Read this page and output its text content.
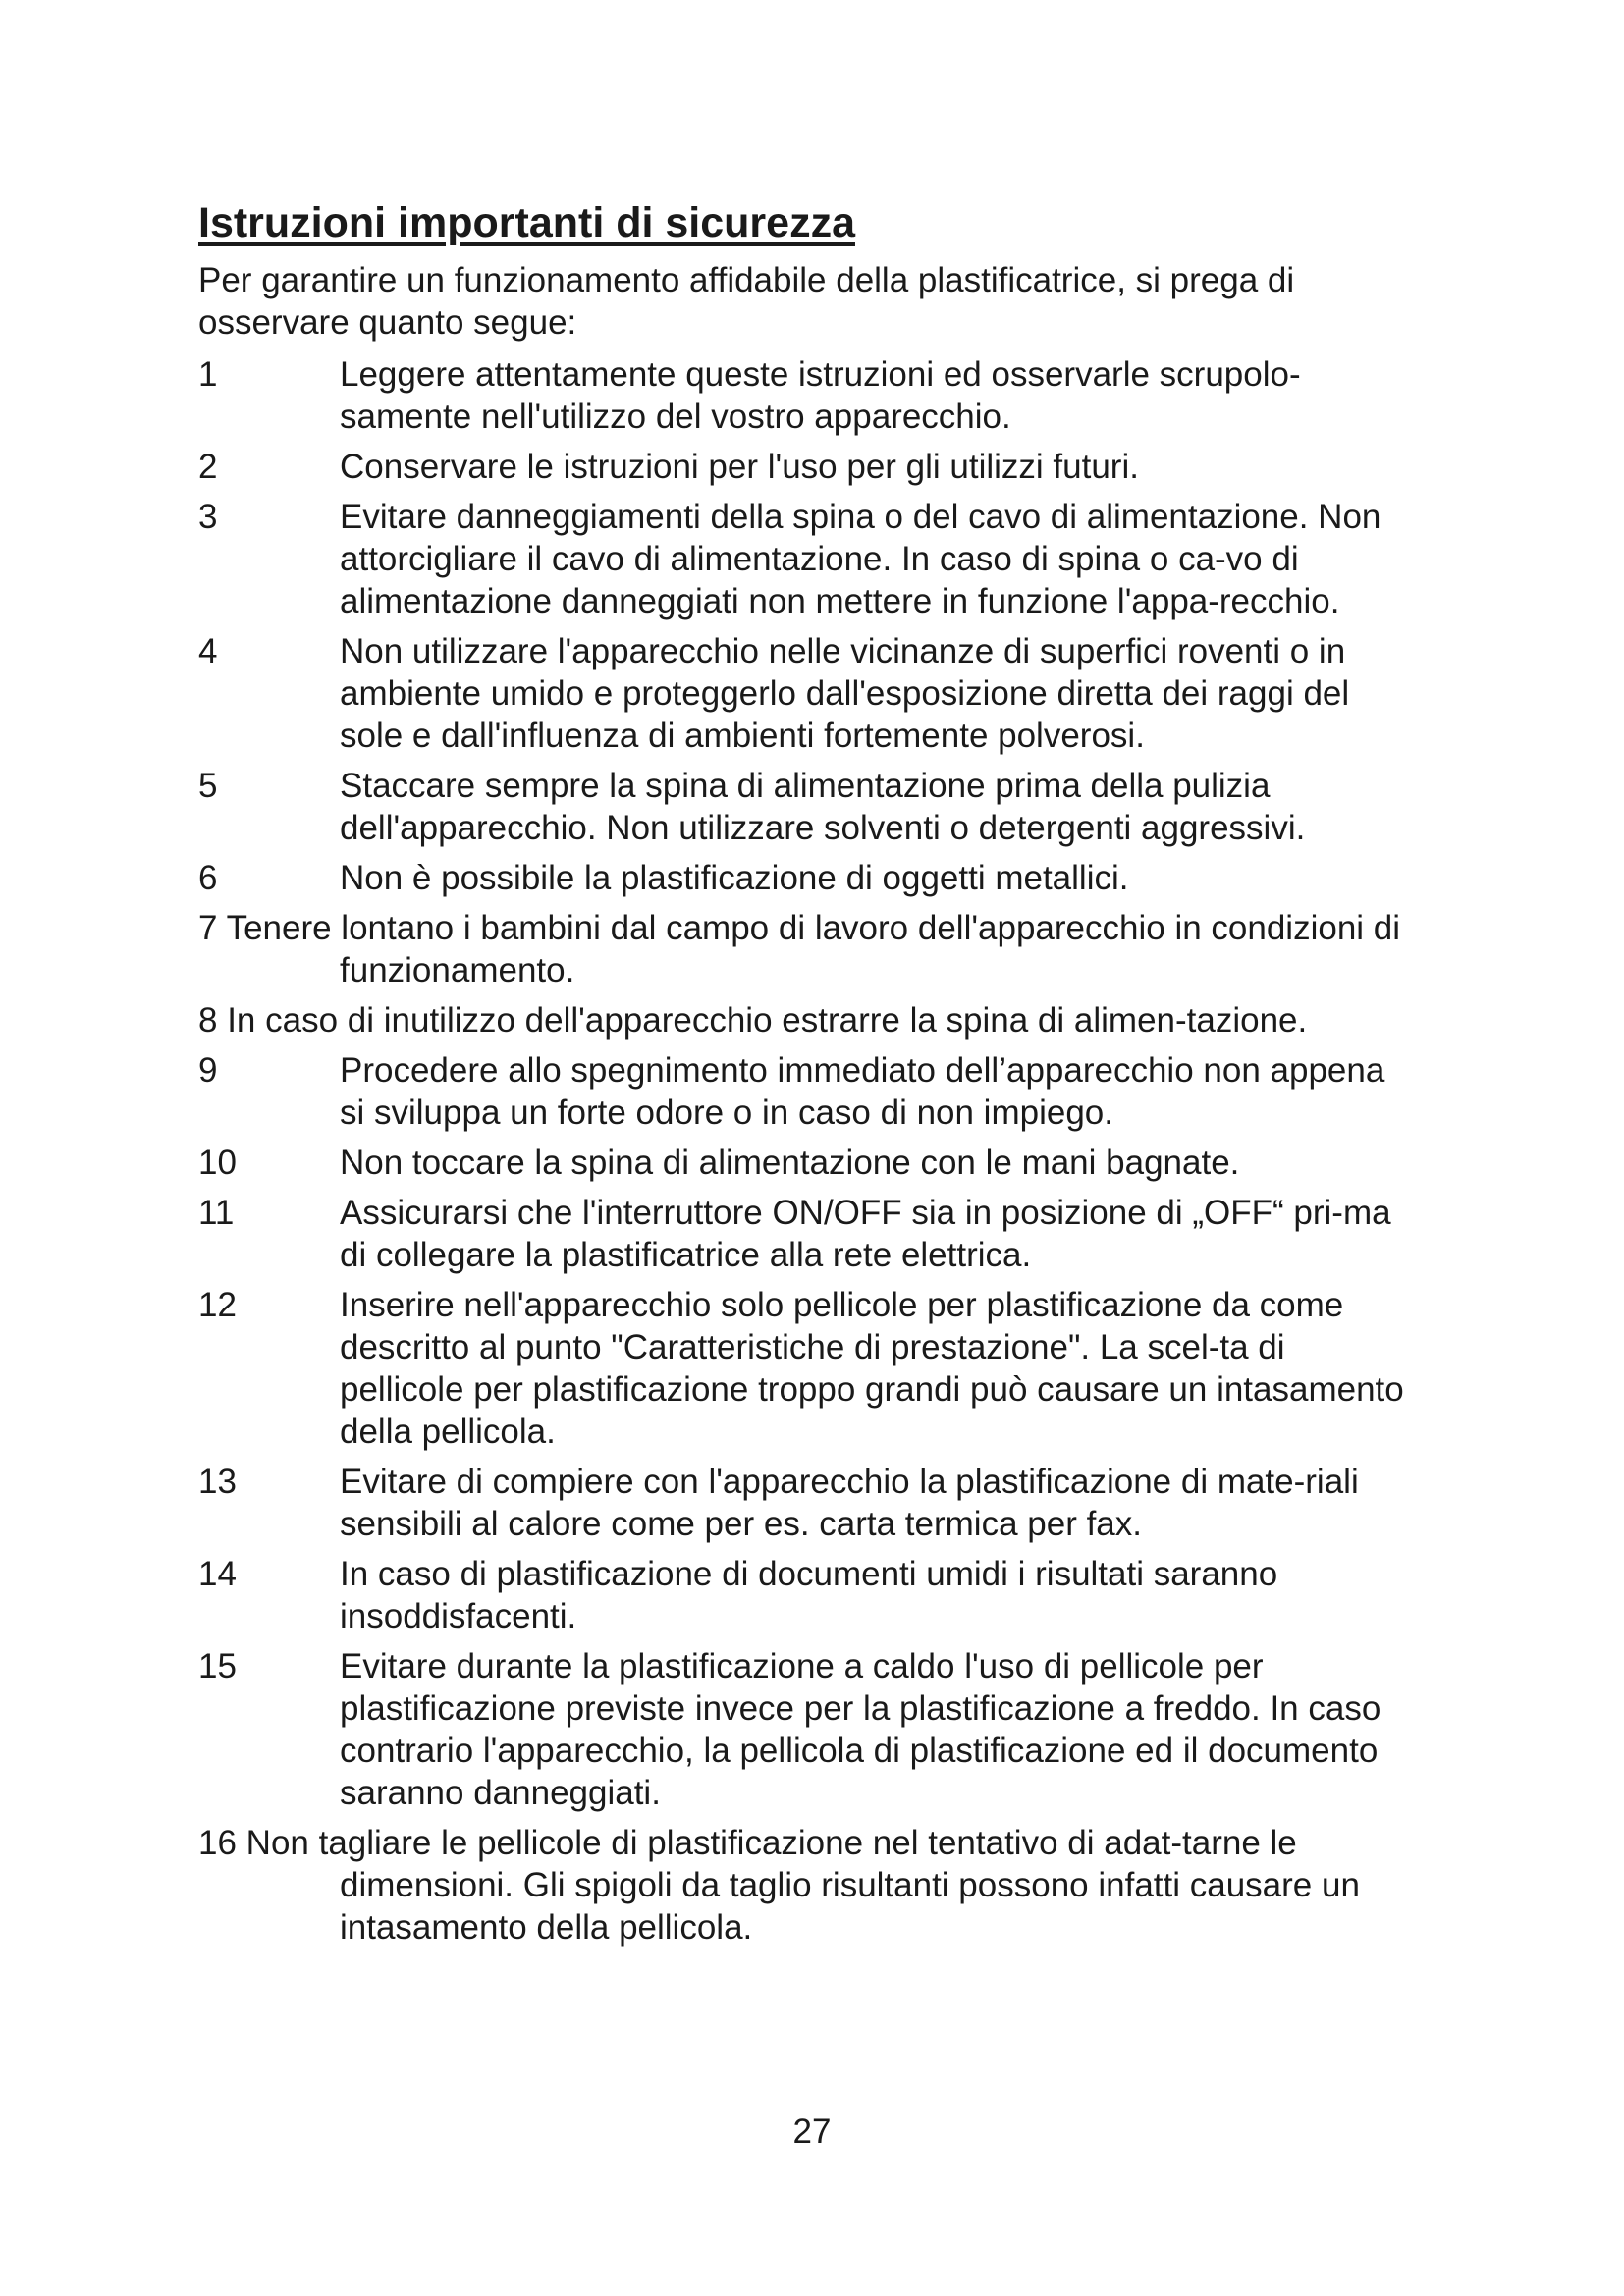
Istruzioni importanti di sicurezza

Per garantire un funzionamento affidabile della plastificatrice, si prega di osservare quanto segue:

1	Leggere attentamente queste istruzioni ed osservarle scrupolo-samente nell'utilizzo del vostro apparecchio.
2	Conservare le istruzioni per l'uso per gli utilizzi futuri.
3	Evitare danneggiamenti della spina o del cavo di alimentazione. Non attorcigliare il cavo di alimentazione. In caso di spina o ca-vo di alimentazione danneggiati non mettere in funzione l'appa-recchio.
4	Non utilizzare l'apparecchio nelle vicinanze di superfici roventi o in ambiente umido e proteggerlo dall'esposizione diretta dei raggi del sole e dall'influenza di ambienti fortemente polverosi.
5	Staccare sempre la spina di alimentazione prima della pulizia dell'apparecchio. Non utilizzare solventi o detergenti aggressivi.
6	Non è possibile la plastificazione di oggetti metallici.
7 Tenere lontano i bambini dal campo di lavoro dell'apparecchio in condizioni di funzionamento.
8 In caso di inutilizzo dell'apparecchio estrarre la spina di alimen-tazione.
9	Procedere allo spegnimento immediato dell’apparecchio non appena si sviluppa un forte odore o in caso di non impiego.
10	Non toccare la spina di alimentazione con le mani bagnate.
11	Assicurarsi che l'interruttore ON/OFF sia in posizione di „OFF“ pri-ma di collegare la plastificatrice alla rete elettrica.
12	Inserire nell'apparecchio solo pellicole per plastificazione da come descritto al punto "Caratteristiche di prestazione". La scel-ta di pellicole per plastificazione troppo grandi può causare un intasamento della pellicola.
13	Evitare di compiere con l'apparecchio la plastificazione di mate-riali sensibili al calore come per es. carta termica per fax.
14	In caso di plastificazione di documenti umidi i risultati saranno insoddisfacenti.
15	Evitare durante la plastificazione a caldo l'uso di pellicole per plastificazione previste invece per la plastificazione a freddo. In caso contrario l'apparecchio, la pellicola di plastificazione ed il documento saranno danneggiati.
16 Non tagliare le pellicole di plastificazione nel tentativo di adat-tarne le dimensioni. Gli spigoli da taglio risultanti possono infatti causare un intasamento della pellicola.
27
